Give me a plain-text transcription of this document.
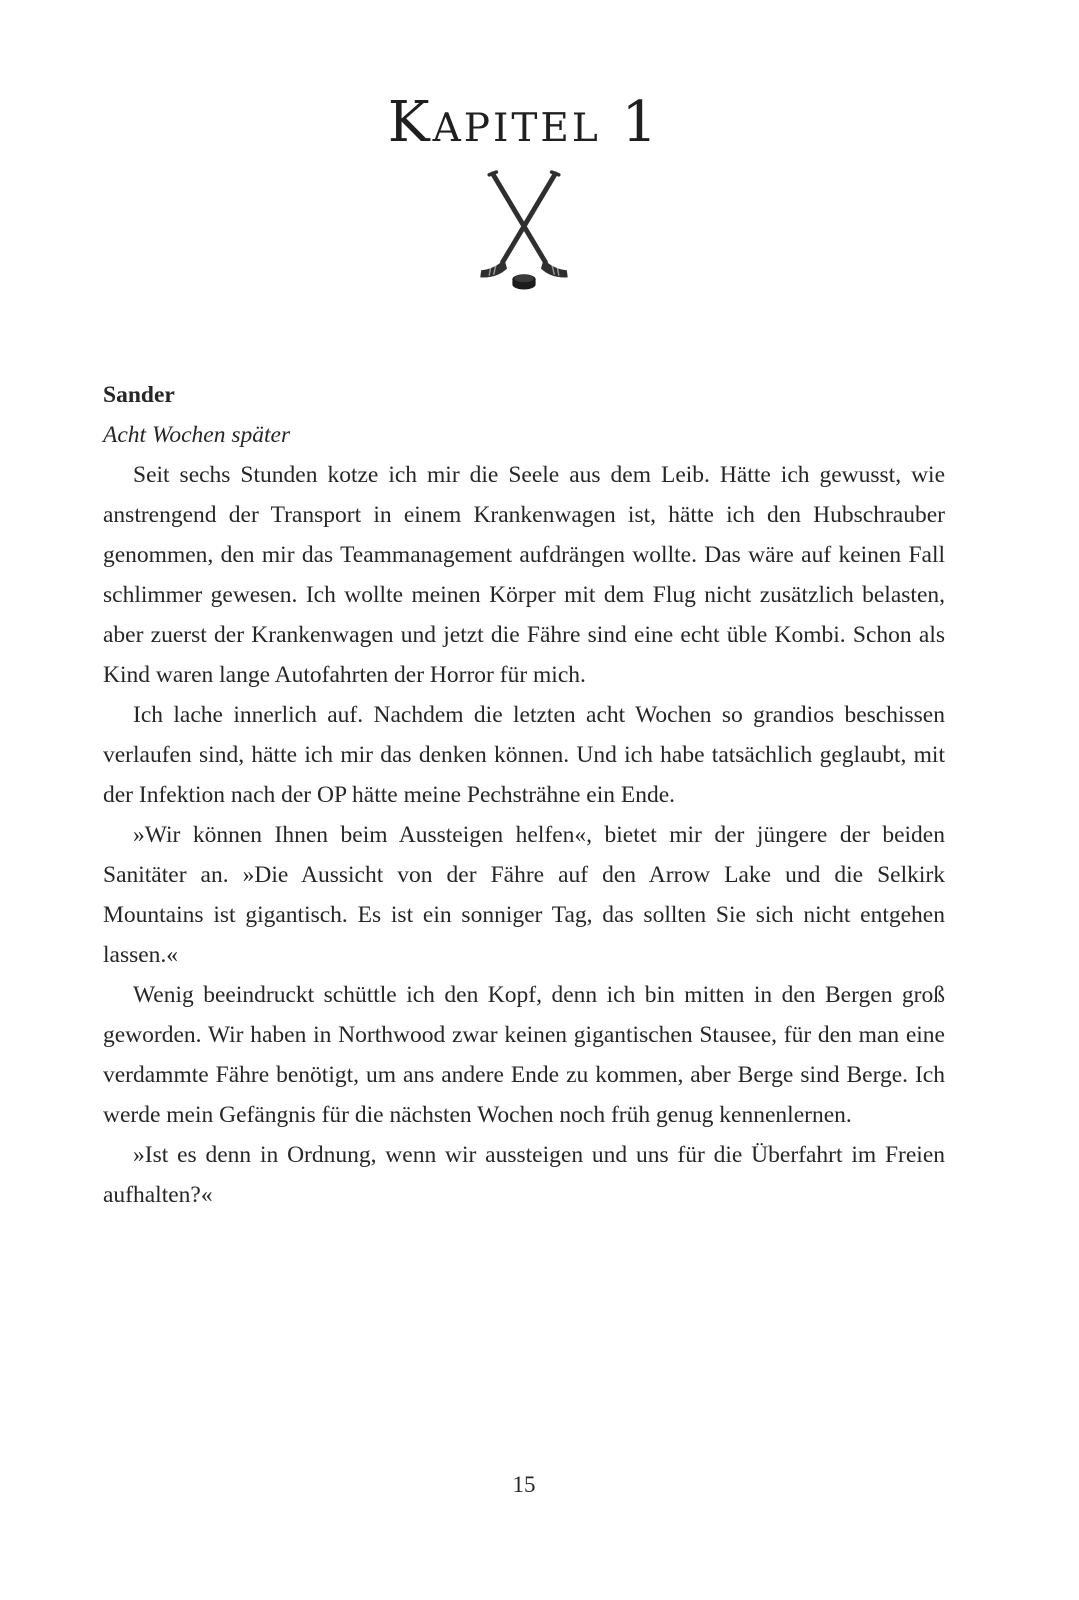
Kapitel 1

Sander

Acht Wochen später

Seit sechs Stunden kotze ich mir die Seele aus dem Leib. Hätte ich gewusst, wie anstrengend der Transport in einem Krankenwagen ist, hätte ich den Hubschrauber genommen, den mir das Teammanagement aufdrängen wollte. Das wäre auf keinen Fall schlimmer gewesen. Ich wollte meinen Körper mit dem Flug nicht zusätzlich belasten, aber zuerst der Krankenwagen und jetzt die Fähre sind eine echt üble Kombi. Schon als Kind waren lange Autofahrten der Horror für mich.

Ich lache innerlich auf. Nachdem die letzten acht Wochen so grandios beschissen verlaufen sind, hätte ich mir das denken können. Und ich habe tatsächlich geglaubt, mit der Infektion nach der OP hätte meine Pechsträhne ein Ende.

»Wir können Ihnen beim Aussteigen helfen«, bietet mir der jüngere der beiden Sanitäter an. »Die Aussicht von der Fähre auf den Arrow Lake und die Selkirk Mountains ist gigantisch. Es ist ein sonniger Tag, das sollten Sie sich nicht entgehen lassen.«

Wenig beeindruckt schüttle ich den Kopf, denn ich bin mitten in den Bergen groß geworden. Wir haben in Northwood zwar keinen gigantischen Stausee, für den man eine verdammte Fähre benötigt, um ans andere Ende zu kommen, aber Berge sind Berge. Ich werde mein Gefängnis für die nächsten Wochen noch früh genug kennenlernen.

»Ist es denn in Ordnung, wenn wir aussteigen und uns für die Überfahrt im Freien aufhalten?«

15
